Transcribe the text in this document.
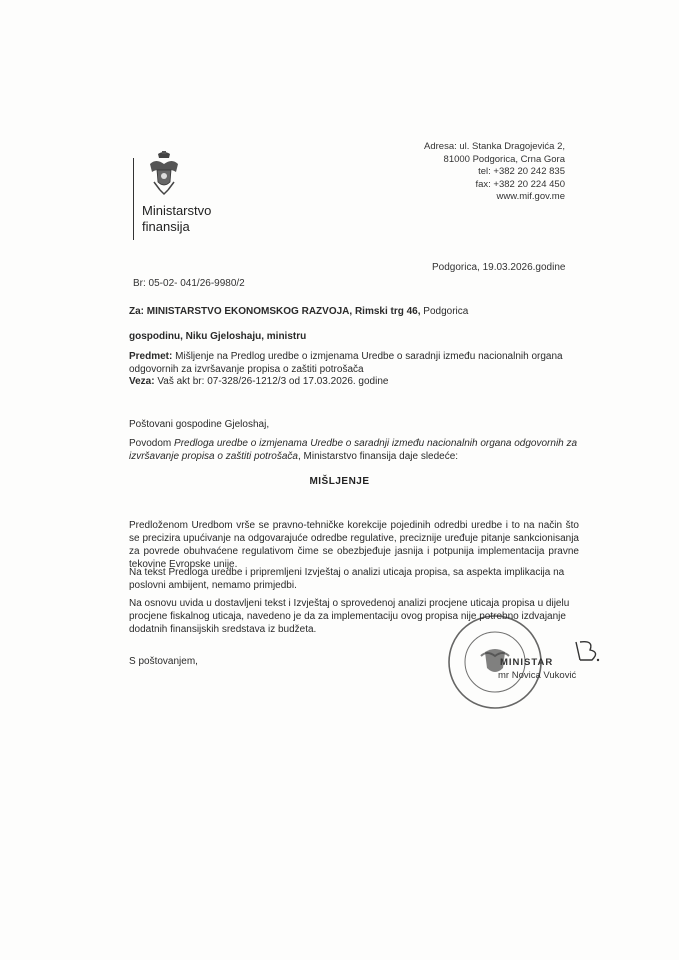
Ministarstvo
finansija
Adresa: ul. Stanka Dragojevića 2,
81000 Podgorica, Crna Gora
tel: +382 20 242 835
fax: +382 20 224 450
www.mif.gov.me
Podgorica, 19.03.2026.godine
Br: 05-02- 041/26-9980/2
Za: MINISTARSTVO EKONOMSKOG RAZVOJA, Rimski trg 46, Podgorica
gospodinu, Niku Gjeloshaju, ministru
Predmet: Mišljenje na Predlog uredbe o izmjenama Uredbe o saradnji između nacionalnih organa odgovornih za izvršavanje propisa o zaštiti potrošača
Veza: Vaš akt br: 07-328/26-1212/3 od 17.03.2026. godine
Poštovani gospodine Gjeloshaj,
Povodom Predloga uredbe o izmjenama Uredbe o saradnji između nacionalnih organa odgovornih za izvršavanje propisa o zaštiti potrošača, Ministarstvo finansija daje sledeće:
MIŠLJENJE
Predloženom Uredbom vrše se pravno-tehničke korekcije pojedinih odredbi uredbe i to na način što se precizira upućivanje na odgovarajuće odredbe regulative, preciznije uređuje pitanje sankcionisanja za povrede obuhvaćene regulativom čime se obezbjeđuje jasnija i potpunija implementacija pravne tekovine Evropske unije.
Na tekst Predloga uredbe i pripremljeni Izvještaj o analizi uticaja propisa, sa aspekta implikacija na poslovni ambijent, nemamo primjedbi.
Na osnovu uvida u dostavljeni tekst i Izvještaj o sprovedenoj analizi procjene uticaja propisa u dijelu procjene fiskalnog uticaja, navedeno je da za implementaciju ovog propisa nije potrebno izdvajanje dodatnih finansijskih sredstava iz budžeta.
S poštovanjem,	MINISTAR
mr Novica Vuković
